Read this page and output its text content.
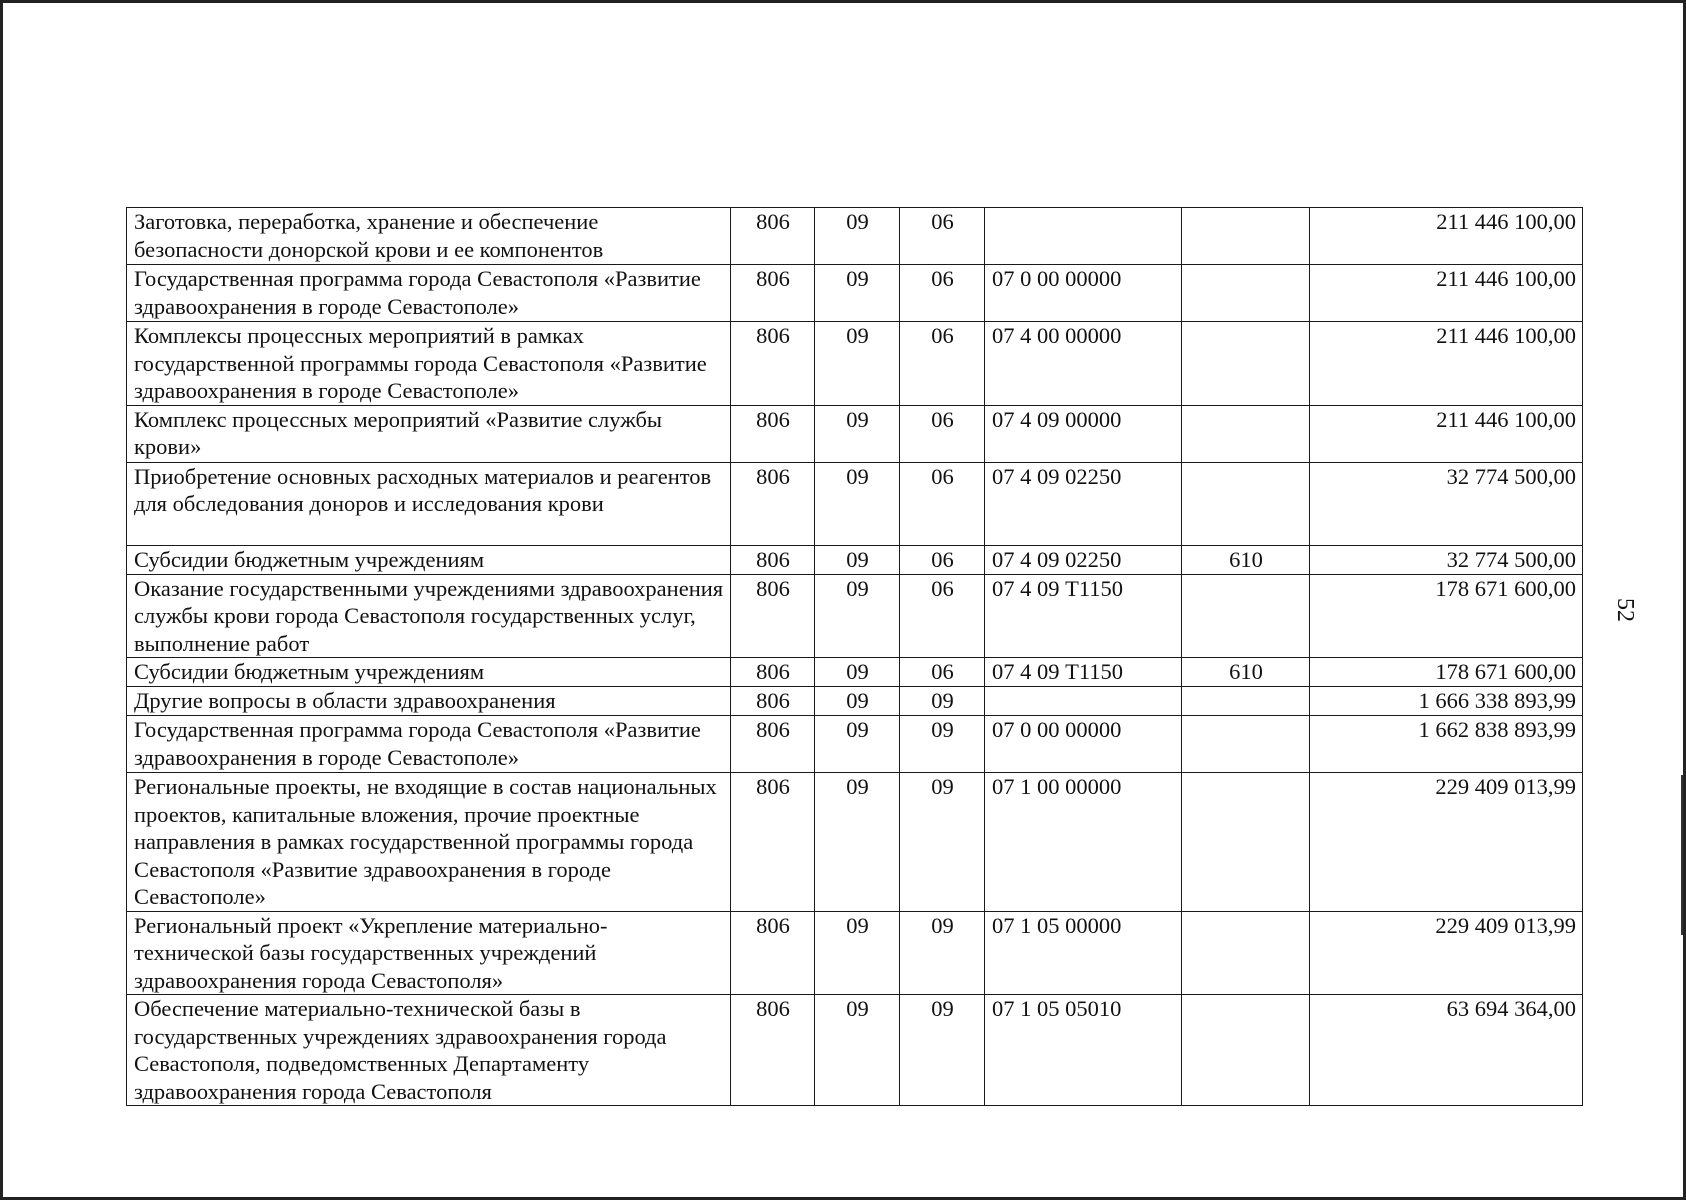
52
Заготовка, переработка, хранение и обеспечение безопасности донорской крови и ее компонентов	806	09	06			211 446 100,00
Государственная программа города Севастополя «Развитие здравоохранения в городе Севастополе»	806	09	06	07 0 00 00000		211 446 100,00
Комплексы процессных мероприятий в рамках государственной программы города Севастополя «Развитие здравоохранения в городе Севастополе»	806	09	06	07 4 00 00000		211 446 100,00
Комплекс процессных мероприятий «Развитие службы крови»	806	09	06	07 4 09 00000		211 446 100,00
Приобретение основных расходных материалов и реагентов для обследования доноров и исследования крови	806	09	06	07 4 09 02250		32 774 500,00
Субсидии бюджетным учреждениям	806	09	06	07 4 09 02250	610	32 774 500,00
Оказание государственными учреждениями здравоохранения службы крови города Севастополя государственных услуг, выполнение работ	806	09	06	07 4 09 Т1150		178 671 600,00
Субсидии бюджетным учреждениям	806	09	06	07 4 09 Т1150	610	178 671 600,00
Другие вопросы в области здравоохранения	806	09	09			1 666 338 893,99
Государственная программа города Севастополя «Развитие здравоохранения в городе Севастополе»	806	09	09	07 0 00 00000		1 662 838 893,99
Региональные проекты, не входящие в состав национальных проектов, капитальные вложения, прочие проектные направления в рамках государственной программы города Севастополя «Развитие здравоохранения в городе Севастополе»	806	09	09	07 1 00 00000		229 409 013,99
Региональный проект «Укрепление материально-технической базы государственных учреждений здравоохранения города Севастополя»	806	09	09	07 1 05 00000		229 409 013,99
Обеспечение материально-технической базы в государственных учреждениях здравоохранения города Севастополя, подведомственных Департаменту здравоохранения города Севастополя	806	09	09	07 1 05 05010		63 694 364,00
